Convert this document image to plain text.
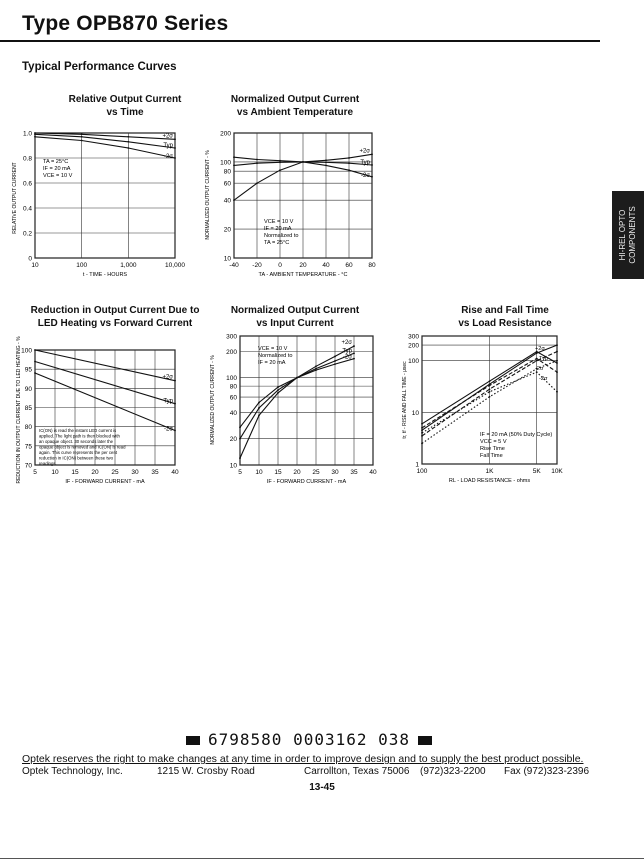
Type OPB870 Series
Typical Performance Curves
Relative Output Current
vs Time
Normalized Output Current
vs Ambient Temperature
Reduction in Output Current Due to
LED Heating vs Forward Current
Normalized Output Current
vs Input Current
Rise and Fall Time
vs Load Resistance
10	100	1,000	10,000
0
0.2
0.4
0.6
0.8
1.0
t - TIME - HOURS
RELATIVE OUTPUT CURRENT
+2σ
Typ
-2σ
TA = 25°C
IF = 20 mA
VCE = 10 V
-40 -20	0	20 40 60 80
10
20
40
60
80
100
200
TA - AMBIENT TEMPERATURE - °C
NORMALIZED OUTPUT CURRENT - %	+2σ
Typ
-2σ
VCE = 10 V
IF = 20 mA
Normalized to
TA = 25°C
5 10 15 20 25 30 35 40
70
75
80
85
90
95
100
IF - FORWARD CURRENT - mA
REDUCTION IN OUTPUT CURRENT DUE TO LED HEATING - %	+2σ
Typ
-2σ
IC(ON) is read the instant LED current is applied. The light path is then blocked with an opaque object. 30 seconds later the opaque object is removed and IC(ON) is read again. This curve represents the per cent reduction in IC(ON) between these two readings.
5 10 15 20 25 30 35 40
10
20
40
60
80
100
200
300
IF - FORWARD CURRENT - mA
NORMALIZED OUTPUT CURRENT - %
+2σ
Typ
-2σ
VCE = 10 V
Normalized to
IF = 20 mA
100	1K	5K 10K
1
10
100
200
300
RL - LOAD RESISTANCE - ohms
tr, tf - RISE AND FALL TIME - μsec	IF = 20 mA (50% Duty Cycle)
VCC = 5 V
Rise Time
Fall Time
+2σ
Typ
-2σ
-2σ
HI-REL OPTO COMPONENTS
6798580 0003162 038
Optek reserves the right to make changes at any time in order to improve design and to supply the best product possible.
Optek Technology, Inc.	1215 W. Crosby Road	Carrollton, Texas 75006 (972)323-2200 Fax (972)323-2396
13-45
